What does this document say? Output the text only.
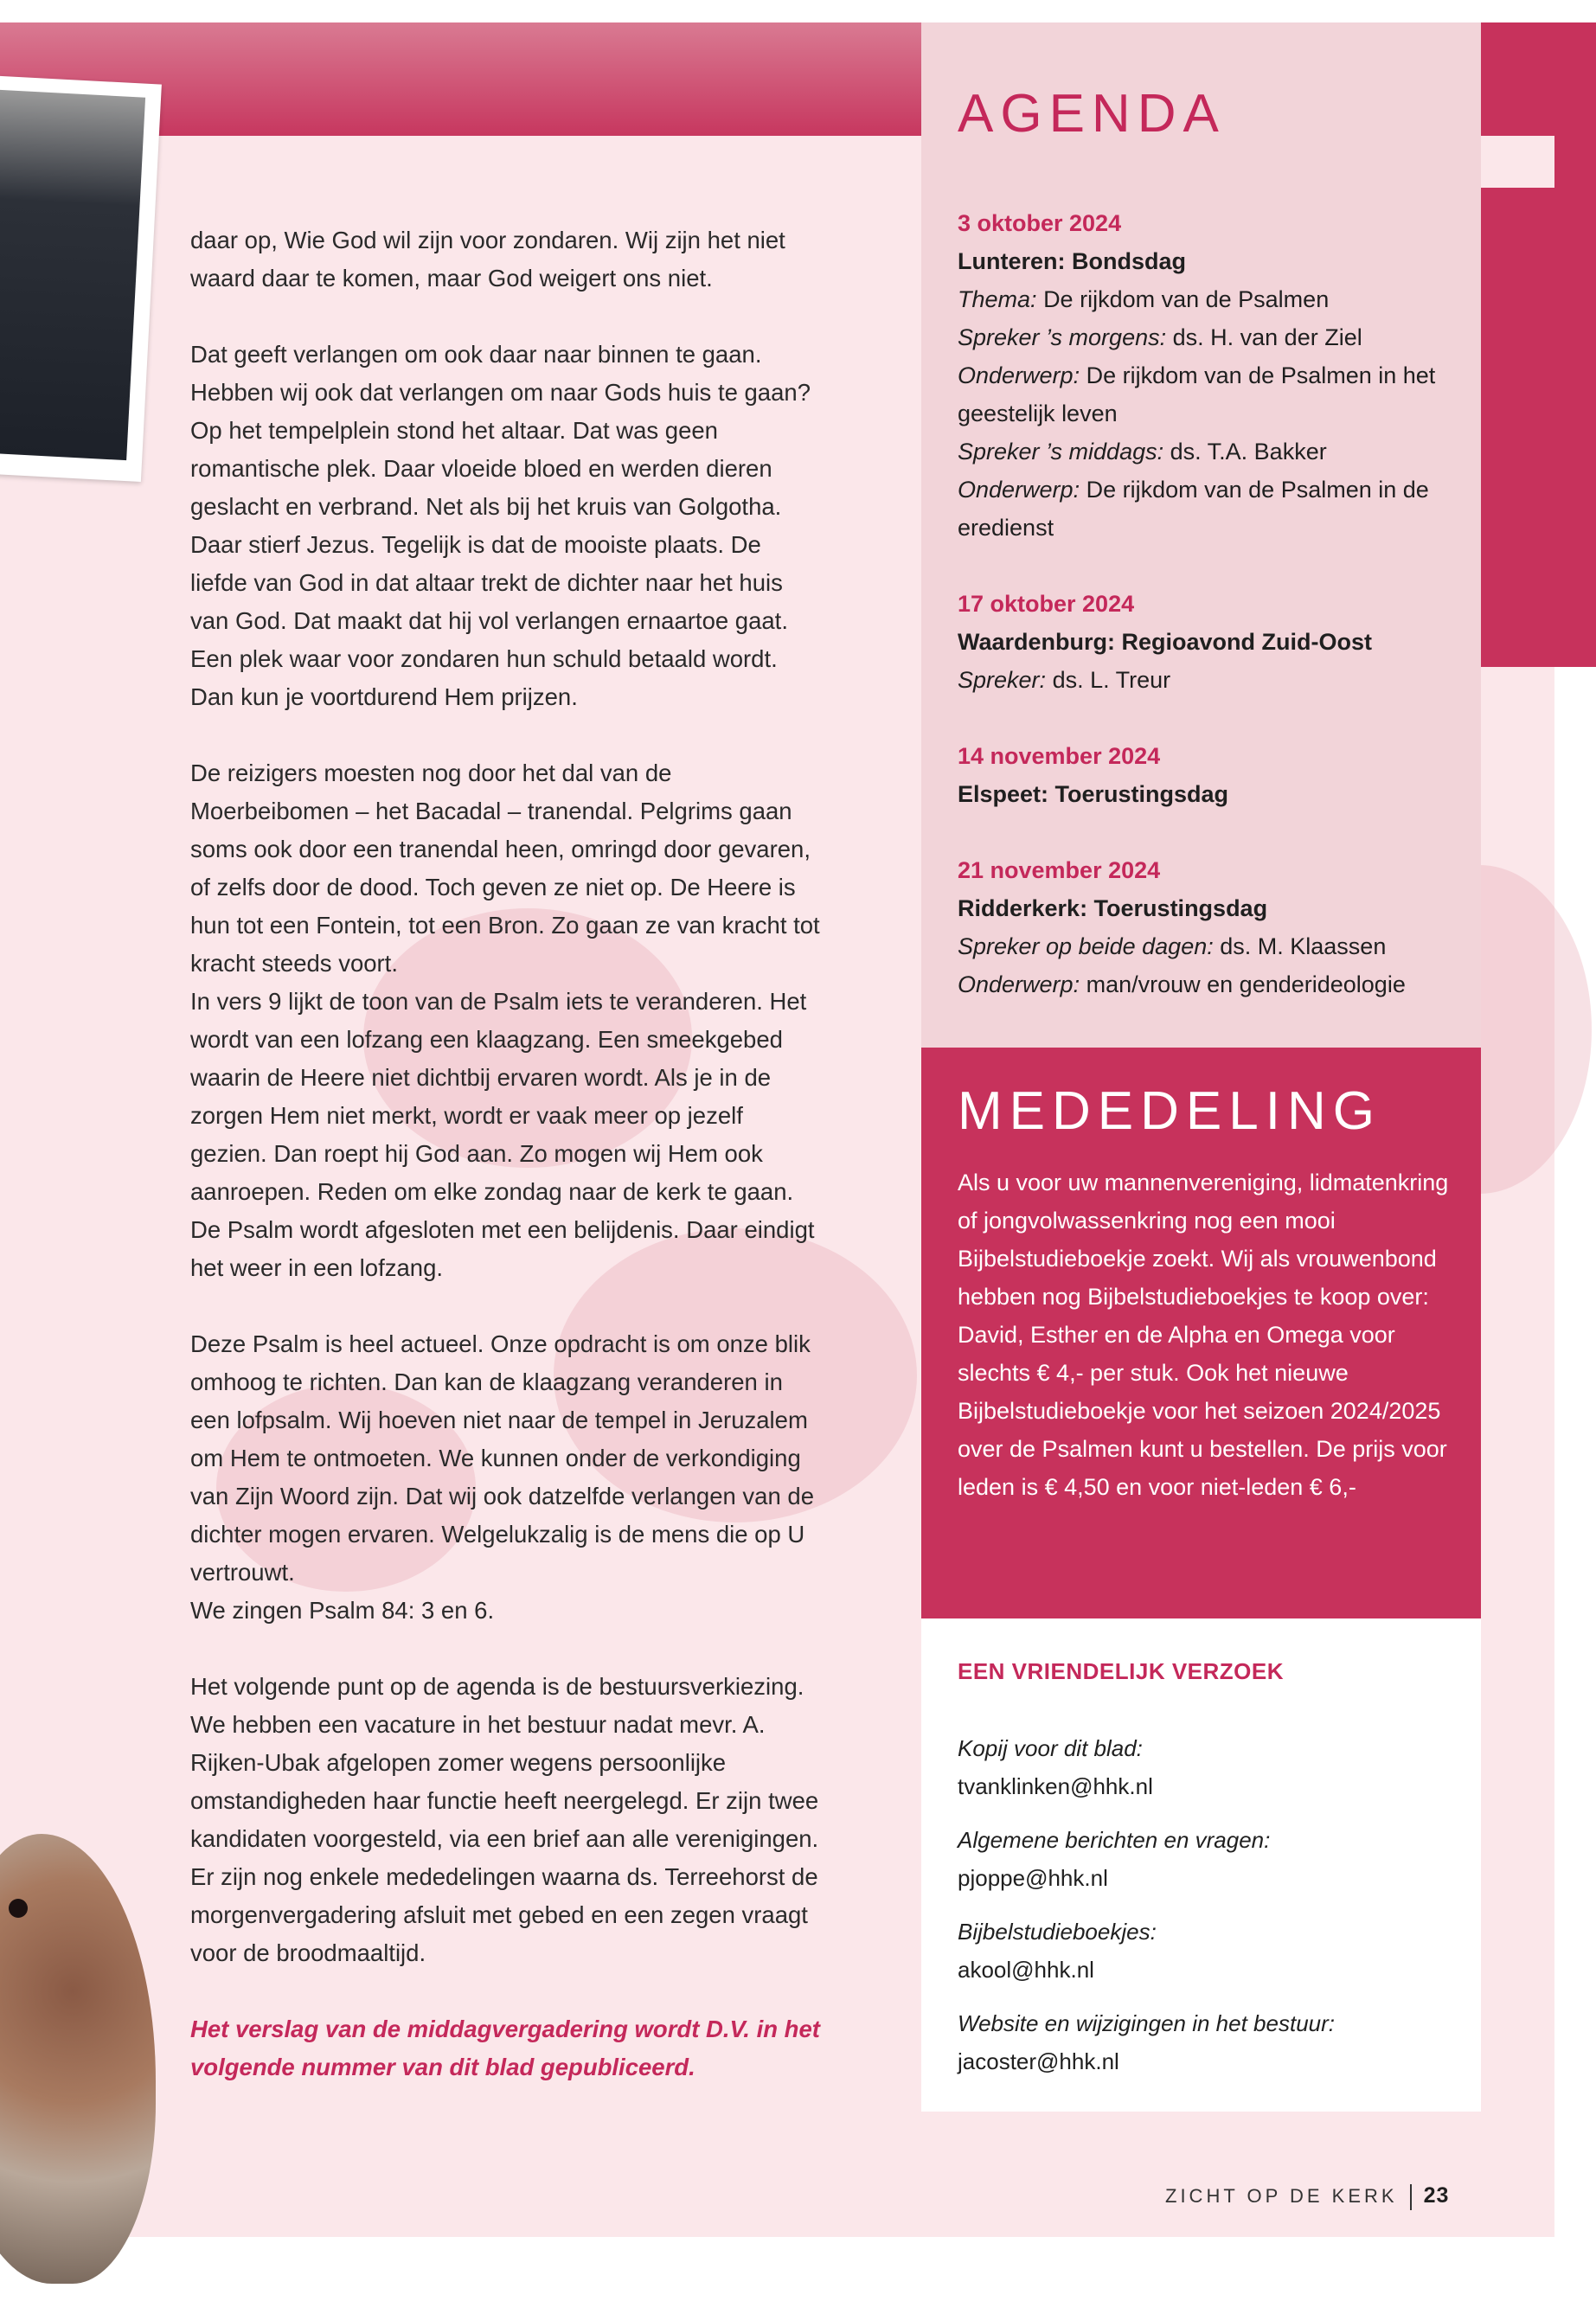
daar op, Wie God wil zijn voor zondaren. Wij zijn het niet waard daar te komen, maar God weigert ons niet.

Dat geeft verlangen om ook daar naar binnen te gaan. Hebben wij ook dat verlangen om naar Gods huis te gaan? Op het tempelplein stond het altaar. Dat was geen romantische plek. Daar vloeide bloed en werden dieren geslacht en verbrand. Net als bij het kruis van Golgotha. Daar stierf Jezus. Tegelijk is dat de mooiste plaats. De liefde van God in dat altaar trekt de dichter naar het huis van God. Dat maakt dat hij vol verlangen ernaartoe gaat. Een plek waar voor zondaren hun schuld betaald wordt. Dan kun je voortdurend Hem prijzen.

De reizigers moesten nog door het dal van de Moerbeibomen – het Bacadal – tranendal. Pelgrims gaan soms ook door een tranendal heen, omringd door gevaren, of zelfs door de dood. Toch geven ze niet op. De Heere is hun tot een Fontein, tot een Bron. Zo gaan ze van kracht tot kracht steeds voort.

In vers 9 lijkt de toon van de Psalm iets te veranderen. Het wordt van een lofzang een klaagzang. Een smeekgebed waarin de Heere niet dichtbij ervaren wordt. Als je in de zorgen Hem niet merkt, wordt er vaak meer op jezelf gezien. Dan roept hij God aan. Zo mogen wij Hem ook aanroepen. Reden om elke zondag naar de kerk te gaan. De Psalm wordt afgesloten met een belijdenis. Daar eindigt het weer in een lofzang.

Deze Psalm is heel actueel. Onze opdracht is om onze blik omhoog te richten. Dan kan de klaagzang veranderen in een lofpsalm. Wij hoeven niet naar de tempel in Jeruzalem om Hem te ontmoeten. We kunnen onder de verkondiging van Zijn Woord zijn. Dat wij ook datzelfde verlangen van de dichter mogen ervaren. Welgelukzalig is de mens die op U vertrouwt.

We zingen Psalm 84: 3 en 6.

Het volgende punt op de agenda is de bestuursverkiezing. We hebben een vacature in het bestuur nadat mevr. A. Rijken-Ubak afgelopen zomer wegens persoonlijke omstandigheden haar functie heeft neergelegd. Er zijn twee kandidaten voorgesteld, via een brief aan alle verenigingen. Er zijn nog enkele mededelingen waarna ds. Terreehorst de morgenvergadering afsluit met gebed en een zegen vraagt voor de broodmaaltijd.

Het verslag van de middagvergadering wordt D.V. in het volgende nummer van dit blad gepubliceerd.

AGENDA
3 oktober 2024
Lunteren: Bondsdag
Thema: De rijkdom van de Psalmen
Spreker ’s morgens: ds. H. van der Ziel
Onderwerp: De rijkdom van de Psalmen in het geestelijk leven
Spreker ’s middags: ds. T.A. Bakker
Onderwerp: De rijkdom van de Psalmen in de eredienst
17 oktober 2024
Waardenburg: Regioavond Zuid-Oost
Spreker: ds. L. Treur
14 november 2024
Elspeet: Toerustingsdag
21 november 2024
Ridderkerk: Toerustingsdag
Spreker op beide dagen: ds. M. Klaassen
Onderwerp: man/vrouw en genderideologie
MEDEDELING
Als u voor uw mannenvereniging, lidmatenkring of jongvolwassenkring nog een mooi Bijbelstudieboekje zoekt. Wij als vrouwenbond hebben nog Bijbelstudieboekjes te koop over: David, Esther en de Alpha en Omega voor slechts € 4,- per stuk. Ook het nieuwe Bijbelstudieboekje voor het seizoen 2024/2025 over de Psalmen kunt u bestellen. De prijs voor leden is € 4,50 en voor niet-leden € 6,-
EEN VRIENDELIJK VERZOEK
Kopij voor dit blad:
tvanklinken@hhk.nl
Algemene berichten en vragen:
pjoppe@hhk.nl
Bijbelstudieboekjes:
akool@hhk.nl
Website en wijzigingen in het bestuur:
jacoster@hhk.nl
ZICHT OP DE KERK 23
